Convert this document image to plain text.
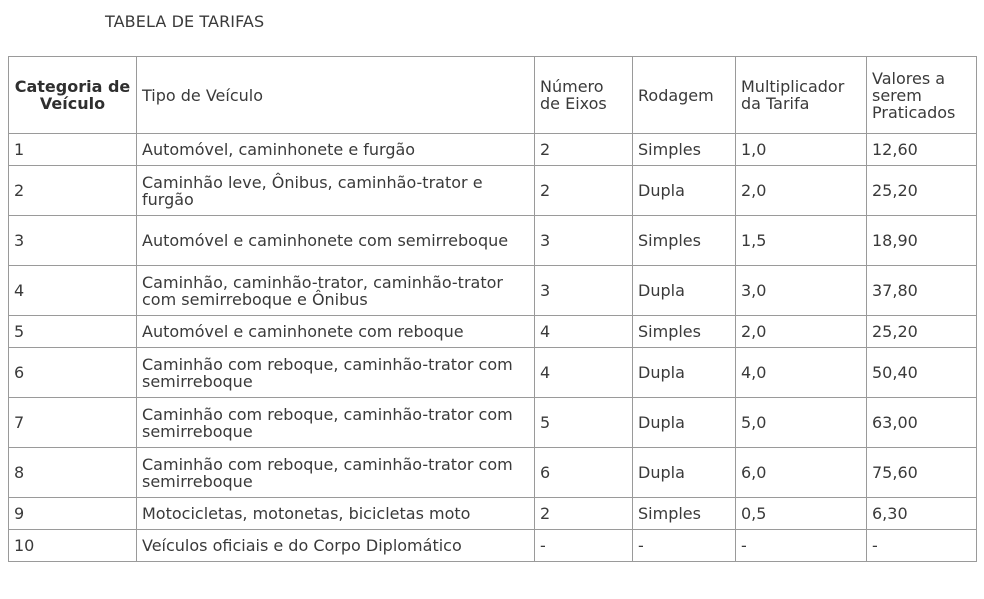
TABELA DE TARIFAS
Categoria de Veículo	Tipo de Veículo	Número de Eixos	Rodagem	Multiplicador da Tarifa	Valores a serem Praticados
1	Automóvel, caminhonete e furgão	2	Simples	1,0	12,60
2	Caminhão leve, Ônibus, caminhão-trator e furgão	2	Dupla	2,0	25,20
3	Automóvel e caminhonete com semirreboque	3	Simples	1,5	18,90
4	Caminhão, caminhão-trator, caminhão-trator com semirreboque e Ônibus	3	Dupla	3,0	37,80
5	Automóvel e caminhonete com reboque	4	Simples	2,0	25,20
6	Caminhão com reboque, caminhão-trator com semirreboque	4	Dupla	4,0	50,40
7	Caminhão com reboque, caminhão-trator com semirreboque	5	Dupla	5,0	63,00
8	Caminhão com reboque, caminhão-trator com semirreboque	6	Dupla	6,0	75,60
9	Motocicletas, motonetas, bicicletas moto	2	Simples	0,5	6,30
10	Veículos oficiais e do Corpo Diplomático	-	-	-	-
